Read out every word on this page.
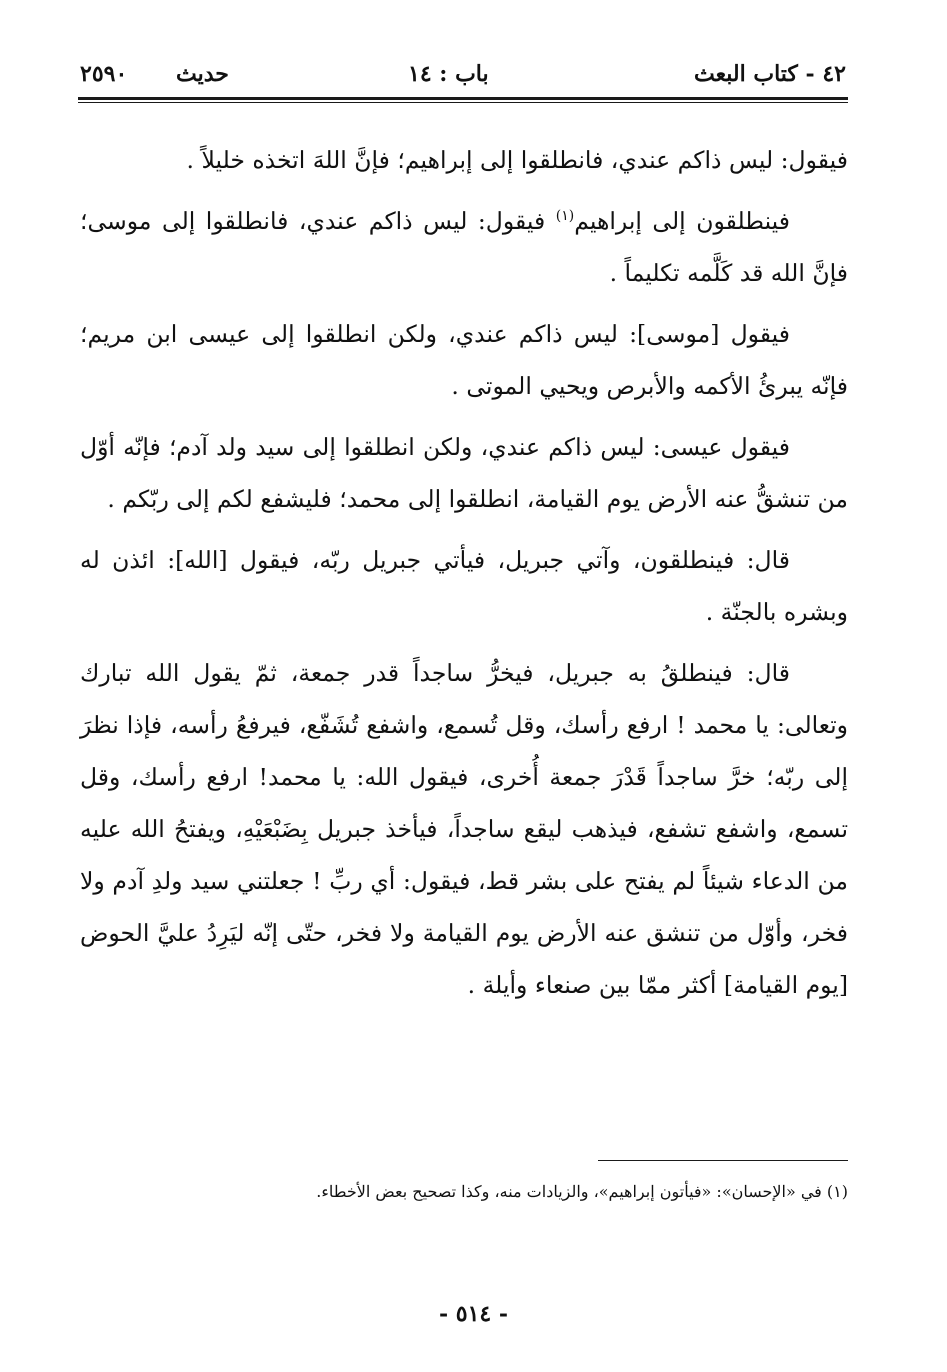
٤٢ - كتاب البعث
باب : ١٤
حديث
٢٥٩٠

فيقول: ليس ذاكم عندي، فانطلقوا إلى إبراهيم؛ فإنَّ اللهَ اتخذه خليلاً .

فينطلقون إلى إبراهيم$^{(١)}$ فيقول: ليس ذاكم عندي، فانطلقوا إلى موسى؛ فإنَّ الله قد كَلَّمه تكليماً .

فيقول [موسى]: ليس ذاكم عندي، ولكن انطلقوا إلى عيسى ابن مريم؛ فإنّه يبرئُ الأكمه والأبرص ويحيي الموتى .

فيقول عيسى: ليس ذاكم عندي، ولكن انطلقوا إلى سيد ولد آدم؛ فإنّه أوّل من تنشقُّ عنه الأرض يوم القيامة، انطلقوا إلى محمد؛ فليشفع لكم إلى ربّكم .

قال: فينطلقون، وآتي جبريل، فيأتي جبريل ربّه، فيقول [الله]: ائذن له وبشره بالجنّة .

قال: فينطلقُ به جبريل، فيخرُّ ساجداً قدر جمعة، ثمّ يقول الله تبارك وتعالى: يا محمد ! ارفع رأسك، وقل تُسمع، واشفع تُشَفّع، فيرفعُ رأسه، فإذا نظرَ إلى ربّه؛ خرَّ ساجداً قَدْرَ جمعة أُخرى، فيقول الله: يا محمد! ارفع رأسك، وقل تسمع، واشفع تشفع، فيذهب ليقع ساجداً، فيأخذ جبريل بِضَبْعَيْهِ، ويفتحُ الله عليه من الدعاء شيئاً لم يفتح على بشر قط، فيقول: أي ربِّ ! جعلتني سيد ولدِ آدم ولا فخر، وأوّل من تنشق عنه الأرض يوم القيامة ولا فخر، حتّى إنّه ليَرِدُ عليَّ الحوض [يوم القيامة] أكثر ممّا بين صنعاء وأيلة .

(١) في «الإحسان»: «فيأتون إبراهيم»، والزيادات منه، وكذا تصحيح بعض الأخطاء.
- ٥١٤ -
